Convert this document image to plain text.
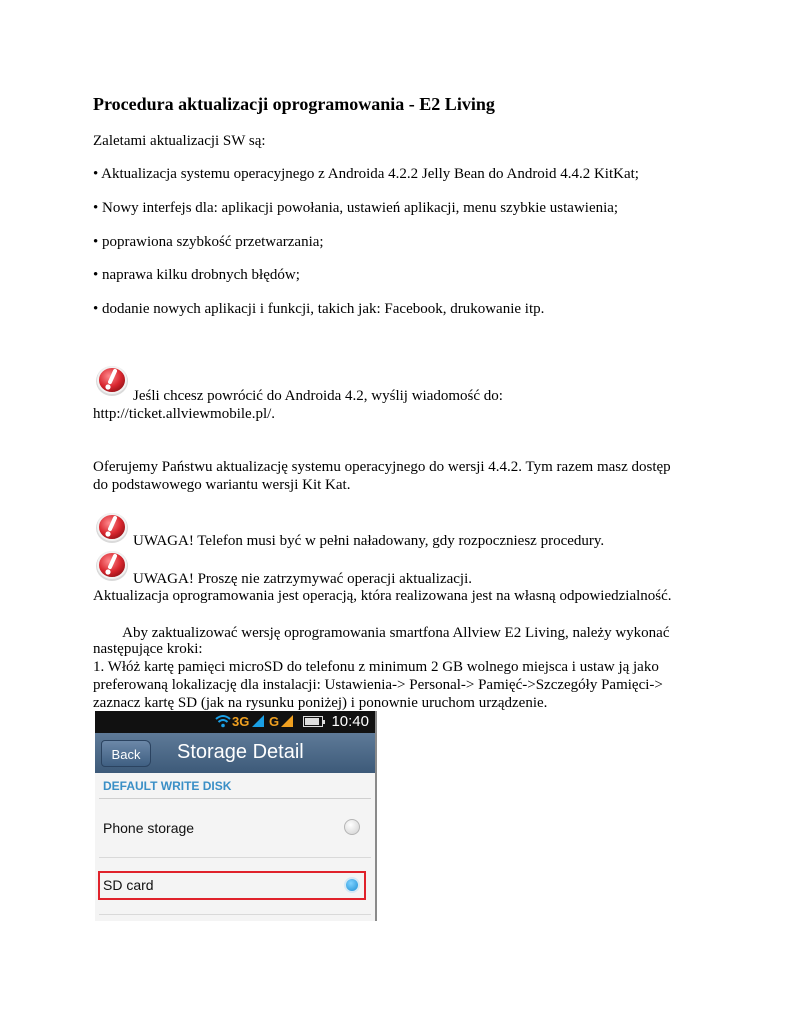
Procedura aktualizacji oprogramowania - E2 Living
Zaletami aktualizacji SW są:
• Aktualizacja systemu operacyjnego z Androida 4.2.2 Jelly Bean do Android 4.4.2 KitKat;
• Nowy interfejs dla: aplikacji powołania, ustawień aplikacji, menu szybkie ustawienia;
• poprawiona szybkość przetwarzania;
• naprawa kilku drobnych błędów;
• dodanie nowych aplikacji i funkcji, takich jak: Facebook, drukowanie itp.
Jeśli chcesz powrócić do Androida 4.2, wyślij wiadomość do:
http://ticket.allviewmobile.pl/.
Oferujemy Państwu aktualizację systemu operacyjnego do wersji 4.4.2. Tym razem masz dostęp
do podstawowego wariantu wersji Kit Kat.
UWAGA! Telefon musi być w pełni naładowany, gdy rozpoczniesz procedury.
UWAGA! Proszę nie zatrzymywać operacji aktualizacji.
Aktualizacja oprogramowania jest operacją, która realizowana jest na własną odpowiedzialność.
Aby zaktualizować wersję oprogramowania smartfona Allview E2 Living, należy wykonać
następujące kroki:
1. Włóż kartę pamięci microSD do telefonu z minimum 2 GB wolnego miejsca i ustaw ją jako
preferowaną lokalizację dla instalacji: Ustawienia-> Personal-> Pamięć->Szczegóły Pamięci->
zaznacz kartę SD (jak na rysunku poniżej) i ponownie uruchom urządzenie.
3G G	10:40
Back	Storage Detail
DEFAULT WRITE DISK
Phone storage
SD card
